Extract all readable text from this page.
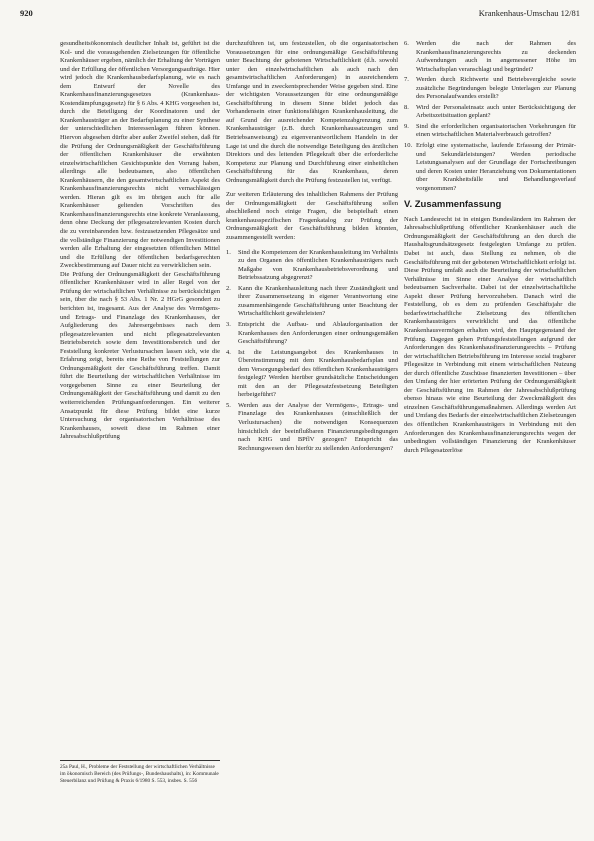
920	Krankenhaus-Umschau 12/81

gesundheitsökonomisch deutlicher Inhalt ist, geführt ist die Kol- und die vorausgehenden Zielsetzungen für öffentliche Krankenhäuser ergeben, nämlich der Erhaltung der Vorträgen und der Erfüllung der öffentlichen Versorgungsaufträge. Hier wird jedoch die Krankenhausbedarfsplanung, wie es nach dem Entwurf der Novelle des Krankenhausfinanzierungsgesetzes (Krankenhaus-Kostendämpfungsgesetz) für § 6 Abs. 4 KHG vorgesehen ist, durch die Beteiligung der Koordinatoren und der Krankenhausträger an der Bedarfsplanung zu einer Synthese der unterschiedlichen Interessenlagen führen können. Hiervon abgesehen dürfte aber außer Zweifel stehen, daß für die Prüfung der Ordnungsmäßigkeit der Geschäftsführung der öffentlichen Krankenhäuser die erwähnten einzelwirtschaftlichen Gesichtspunkte den Vorrang haben, allerdings alle bedeutsamen, also öffentlichen Krankenhäusern, die den gesamtwirtschaftlichen Aspekt des Krankenhausfinanzierungsrechts nicht vernachlässigen werden. Hieran gilt es im übrigen auch für alle Krankenhäuser geltenden Vorschriften des Krankenhausfinanzierungsrechts eine konkrete Veranlassung, denn ohne Deckung der pflegesatzrelevanten Kosten durch die zu vereinbarenden bzw. festzusetzenden Pflegesätze und die vollständige Finanzierung der notwendigen Investitionen werden alle Erhaltung der eingesetzten öffentlichen Mittel und die Erfüllung der öffentlichen bedarfsgerechten Zweckbestimmung auf Dauer nicht zu verwirklichen sein.

Die Prüfung der Ordnungsmäßigkeit der Geschäftsführung öffentlicher Krankenhäuser wird in aller Regel von der Prüfung der wirtschaftlichen Verhältnisse zu berücksichtigen sein, über die nach § 53 Abs. 1 Nr. 2 HGrG gesondert zu berichten ist, insgesamt. Aus der Analyse des Vermögens- und Ertrags- und Finanzlage des Krankenhauses, der Aufgliederung des Jahresergebnisses nach dem pflegesatzrelevanten und nicht pflegesatzrelevanten Betriebsbereich sowie dem Investitionsbereich und der Feststellung konkreter Verlustursachen lassen sich, wie die Erfahrung zeigt, bereits eine Reihe von Feststellungen zur Ordnungsmäßigkeit der Geschäftsführung treffen. Damit führt die Beurteilung der wirtschaftlichen Verhältnisse im vorgegebenen Sinne zu einer Beurteilung der Ordnungsmäßigkeit der Geschäftsführung und damit zu den weiterreichenden Prüfungsanforderungen. Ein weiterer Ansatzpunkt für diese Prüfung bildet eine kurze Untersuchung der organisatorischen Verhältnisse des Krankenhauses, soweit diese im Rahmen einer Jahresabschlußprüfung

25a Paul, H., Probleme der Feststellung der wirtschaftlichen Verhältnisse im ökonomisch Bereich (des Prüfungs-, Bundeshaushalts), in: Kommunale Steuerbilanz und Prüfung & Praxis 6/1980 S. 553, insbes. S. 556

durchzuführen ist, um festzustellen, ob die organisatorischen Voraussetzungen für eine ordnungsmäßige Geschäftsführung unter Beachtung der gebotenen Wirtschaftlichkeit (d.h. sowohl unter den einzelwirtschaftlichen als auch nach den gesamtwirtschaftlichen Anforderungen) in ausreichendem Umfange und in zweckentsprechender Weise gegeben sind. Eine der wichtigsten Voraussetzungen für eine ordnungsmäßige Geschäftsführung in diesem Sinne bildet jedoch das Vorhandensein einer funktionsfähigen Krankenhausleitung, die auf Grund der ausreichender Kompetenzabgrenzung zum Krankenhausträger (z.B. durch Krankenhaussatzungen und Betriebsanweisung) zu eigenverantwortlichem Handeln in der Lage ist und die durch die notwendige Beteiligung des ärztlichen Direktors und des leitenden Pflegekraft über die erforderliche Kompetenz zur Planung und Durchführung einer einheitlichen Geschäftsführung für das Krankenhaus, deren Ordnungsmäßigkeit durch die Prüfung festzustellen ist, verfügt.

Zur weiteren Erläuterung des inhaltlichen Rahmens der Prüfung der Ordnungsmäßigkeit der Geschäftsführung sollen abschließend noch einige Fragen, die beispielhaft einen krankenhausspezifischen Fragenkatalog zur Prüfung der Ordnungsmäßigkeit der Geschäftsführung bilden könnten, zusammengestellt werden:

1. Sind die Kompetenzen der Krankenhausleitung im Verhältnis zu den Organen des öffentlichen Krankenhausträgers nach Maßgabe von Krankenhausbetriebsverordnung und Betriebssatzung abgegrenzt?
2. Kann die Krankenhausleitung nach ihrer Zuständigkeit und ihrer Zusammensetzung in eigener Verantwortung eine zusammenhängende Geschäftsführung unter Beachtung der Wirtschaftlichkeit gewährleisten?
3. Entspricht die Aufbau- und Ablauforganisation der Krankenhauses den Anforderungen einer ordnungsgemäßen Geschäftsführung?
4. Ist die Leistungsangebot des Krankenhauses in Übereinstimmung mit dem Krankenhausbedarfsplan und dem Versorgungsbedarf des öffentlichen Krankenhausträgers festgelegt? Werden hierüber grundsätzliche Entscheidungen mit den an der Pflegesatzfestsetzung Beteiligten herbeigeführt?
5. Werden aus der Analyse der Vermögens-, Ertrags- und Finanzlage des Krankenhauses (einschließlich der Verlustursachen) die notwendigen Konsequenzen hinsichtlich der beeinflußbaren Finanzierungsbedingungen nach KHG und BPflV gezogen? Entspricht das Rechnungswesen den hierfür zu stellenden Anforderungen?
6. Werden die nach der Rahmen des Krankenhausfinanzierungsrechts zu deckenden Aufwendungen auch in angemessener Höhe im Wirtschaftsplan veranschlagt und begründet?
7. Werden durch Richtwerte und Betriebsvergleiche sowie zusätzliche Begründungen belegte Unterlagen zur Planung des Personalaufwandes erstellt?
8. Wird der Personaleinsatz auch unter Berücksichtigung der Arbeitszeitsituation geplant?
9. Sind die erforderlichen organisatorischen Vorkehrungen für einen wirtschaftlichen Materialverbrauch getroffen?
10. Erfolgt eine systematische, laufende Erfassung der Primär- und Sekundärleistungen? Werden periodische Leistungsanalysen auf der Grundlage der Fortschreibungen und deren Kosten unter Heranziehung von Dokumentationen über Krankheitsfälle und Behandlungsverlauf vorgenommen?
V. Zusammenfassung

Nach Landesrecht ist in einigen Bundesländern im Rahmen der Jahresabschlußprüfung öffentlicher Krankenhäuser auch die Ordnungsmäßigkeit der Geschäftsführung an den durch die Haushaltsgrundsätzegesetz festgelegten Umfange zu prüfen. Dabei ist auch, dass Stellung zu nehmen, ob die Geschäftsführung mit der gebotenen Wirtschaftlichkeit erfolgt ist. Diese Prüfung umfaßt auch die Beurteilung der wirtschaftlichen Verhältnisse im Sinne einer Analyse der wirtschaftlich bedeutsamen Sachverhalte. Dabei ist der einzelwirtschaftliche Aspekt dieser Prüfung hervorzuheben. Danach wird die Feststellung, ob es dem zu prüfenden Geschäftsjahr die bedarfswirtschaftliche Zielsetzung des öffentlichen Krankenhausträgers verwirklicht und das öffentliche Krankenhausvermögen erhalten wird, den Hauptgegenstand der Prüfung. Dagegen gehen Prüfungsfeststellungen aufgrund der Anforderungen des Krankenhausfinanzierungsrechts – Prüfung der wirtschaftlichen Betriebsführung im Interesse sozial tragbarer Pflegesätze in Verbindung mit einem wirtschaftlichen Nutzung der durch öffentliche Zuschüsse finanzierten Investitionen – über den Umfang der hier erörterten Prüfung der Ordnungsmäßigkeit der Geschäftsführung im Rahmen der Jahresabschlußprüfung ebenso hinaus wie eine Beurteilung der Zweckmäßigkeit des einzelnen Geschäftsführungsmaßnahmen. Allerdings werden Art und Umfang des Bedarfs der einzelwirtschaftlichen Zielsetzungen des öffentlichen Krankenhausträgers in Verbindung mit den Anforderungen des Krankenhausfinanzierungsrechts wegen der unbedingten vollständigen Finanzierung der Krankenhäuser durch Pflegesatzerlöse
